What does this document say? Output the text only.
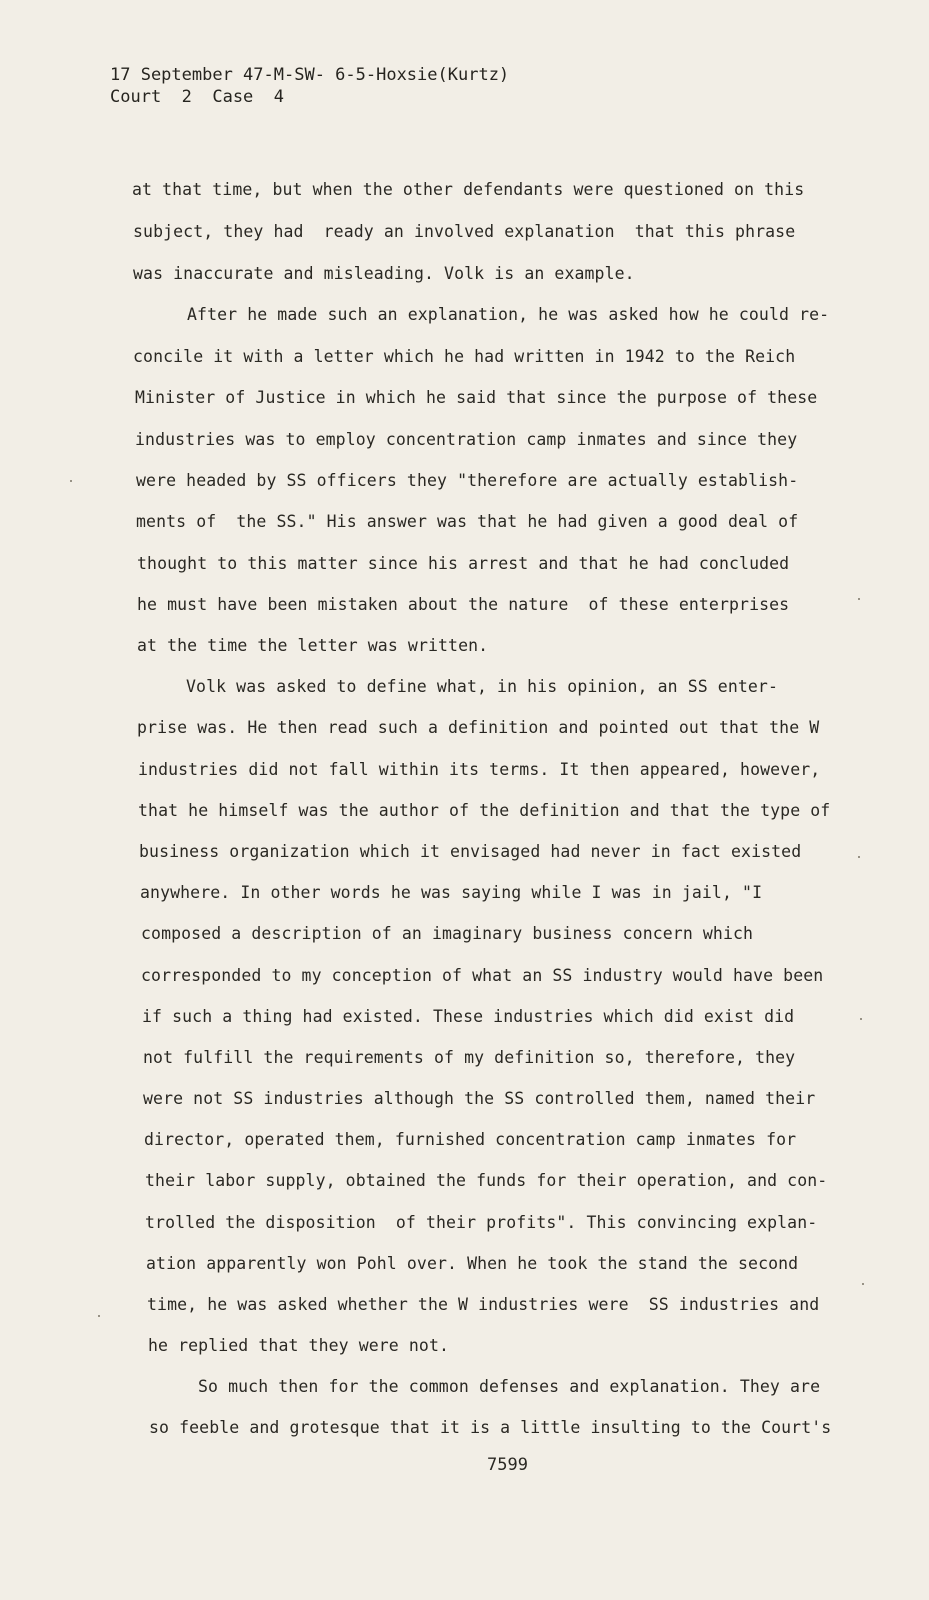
17 September 47-M-SW- 6-5-Hoxsie(Kurtz)
Court  2  Case  4
at that time, but when the other defendants were questioned on this
subject, they had  ready an involved explanation  that this phrase
was inaccurate and misleading. Volk is an example.
After he made such an explanation, he was asked how he could re-
concile it with a letter which he had written in 1942 to the Reich
Minister of Justice in which he said that since the purpose of these
industries was to employ concentration camp inmates and since they
were headed by SS officers they "therefore are actually establish-
ments of  the SS." His answer was that he had given a good deal of
thought to this matter since his arrest and that he had concluded
he must have been mistaken about the nature  of these enterprises
at the time the letter was written.
Volk was asked to define what, in his opinion, an SS enter-
prise was. He then read such a definition and pointed out that the W
industries did not fall within its terms. It then appeared, however,
that he himself was the author of the definition and that the type of
business organization which it envisaged had never in fact existed
anywhere. In other words he was saying while I was in jail, "I
composed a description of an imaginary business concern which
corresponded to my conception of what an SS industry would have been
if such a thing had existed. These industries which did exist did
not fulfill the requirements of my definition so, therefore, they
were not SS industries although the SS controlled them, named their
director, operated them, furnished concentration camp inmates for
their labor supply, obtained the funds for their operation, and con-
trolled the disposition  of their profits". This convincing explan-
ation apparently won Pohl over. When he took the stand the second
time, he was asked whether the W industries were  SS industries and
he replied that they were not.
So much then for the common defenses and explanation. They are
so feeble and grotesque that it is a little insulting to the Court's
7599
